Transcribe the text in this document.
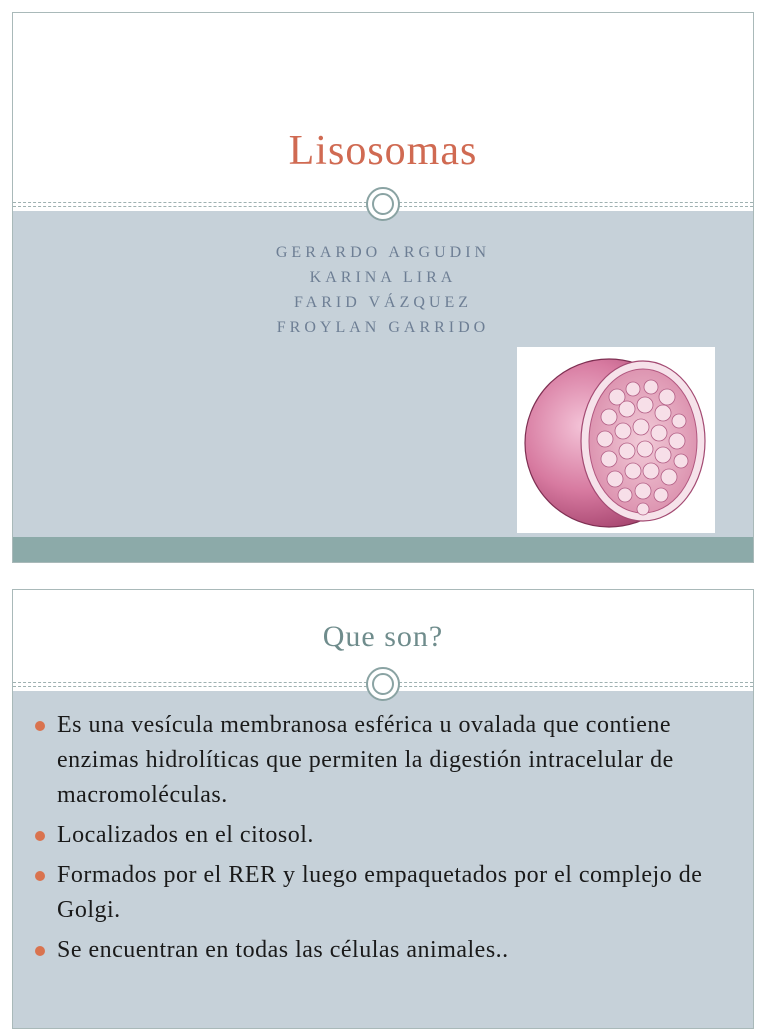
Lisosomas
GERARDO ARGUDIN
KARINA LIRA
FARID VÁZQUEZ
FROYLAN GARRIDO
Que son?
Es una vesícula membranosa esférica u ovalada que contiene enzimas hidrolíticas que permiten la digestión intracelular de macromoléculas.
Localizados en el citosol.
Formados por el RER y luego empaquetados por el complejo de Golgi.
Se encuentran en todas las células animales..
